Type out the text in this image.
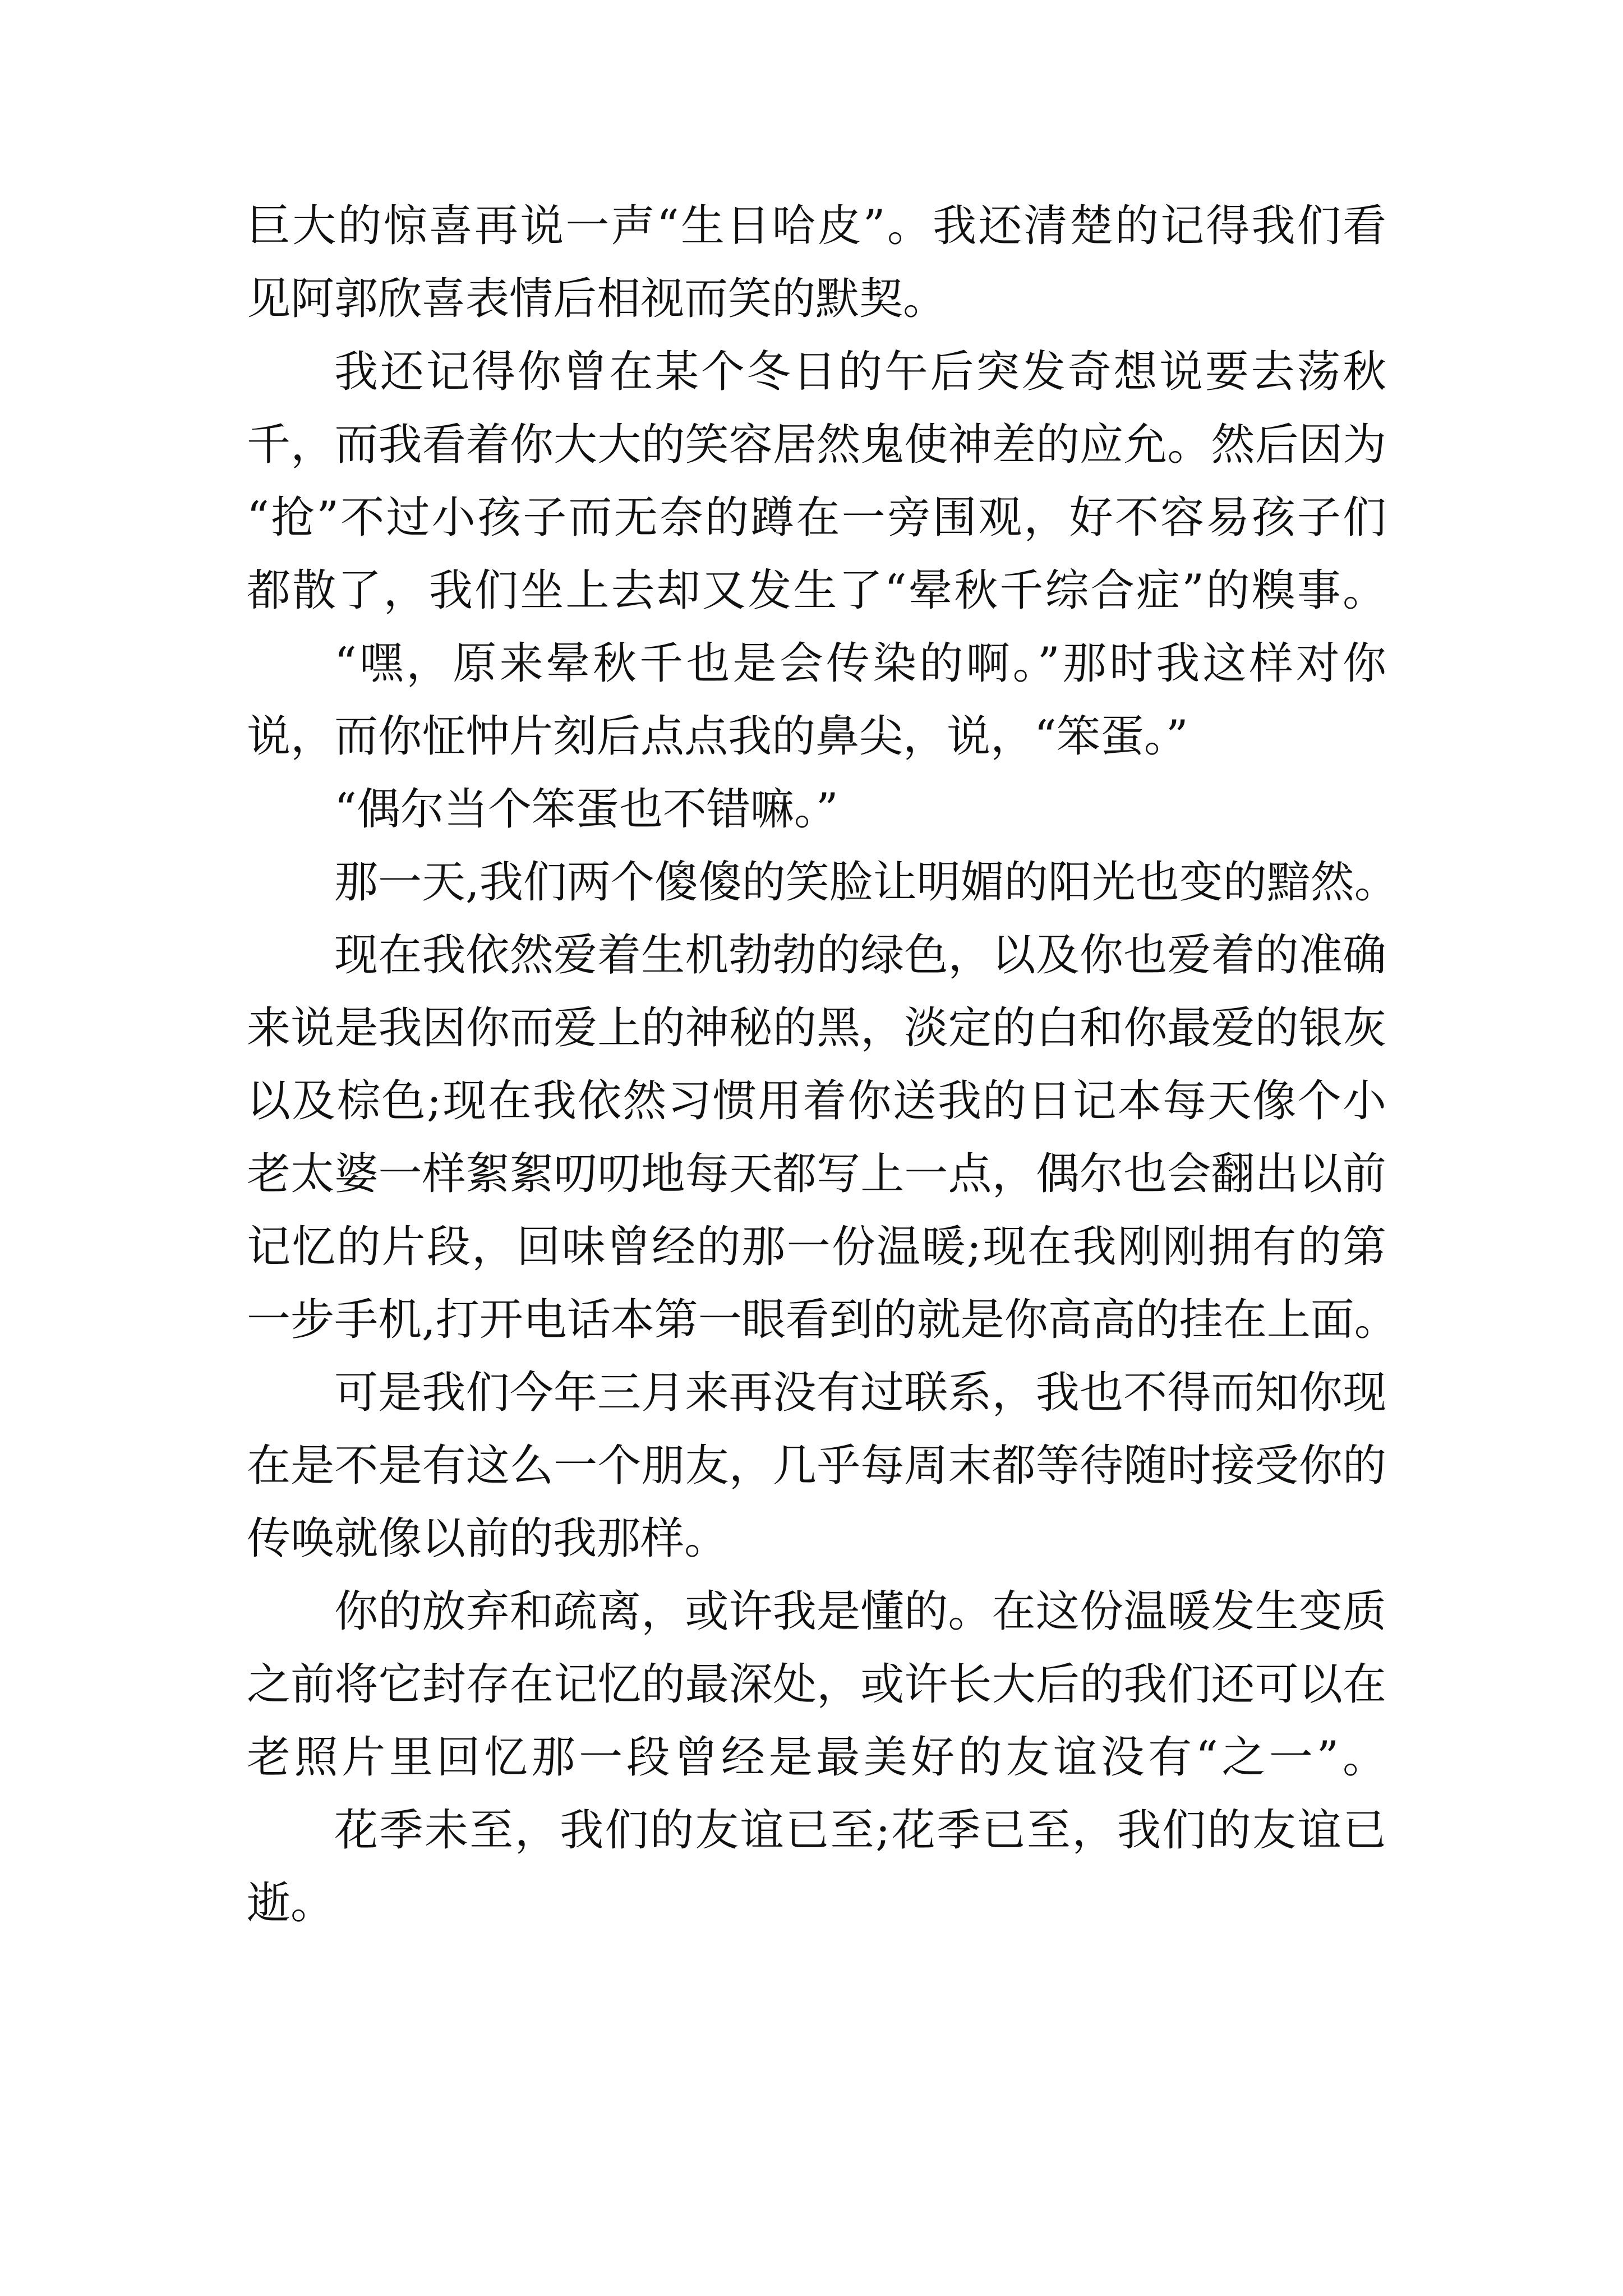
巨大的惊喜再说一声“生日哈皮”。我还清楚的记得我们看
见阿郭欣喜表情后相视而笑的默契。
我还记得你曾在某个冬日的午后突发奇想说要去荡秋
千，而我看着你大大的笑容居然鬼使神差的应允。然后因为
“抢”不过小孩子而无奈的蹲在一旁围观，好不容易孩子们
都散了，我们坐上去却又发生了“晕秋千综合症”的糗事。
“嘿，原来晕秋千也是会传染的啊。”那时我这样对你
说，而你怔忡片刻后点点我的鼻尖，说，“笨蛋。”
“偶尔当个笨蛋也不错嘛。”
那一天,我们两个傻傻的笑脸让明媚的阳光也变的黯然。
现在我依然爱着生机勃勃的绿色，以及你也爱着的准确
来说是我因你而爱上的神秘的黑，淡定的白和你最爱的银灰
以及棕色;现在我依然习惯用着你送我的日记本每天像个小
老太婆一样絮絮叨叨地每天都写上一点，偶尔也会翻出以前
记忆的片段，回味曾经的那一份温暖;现在我刚刚拥有的第
一步手机,打开电话本第一眼看到的就是你高高的挂在上面。
可是我们今年三月来再没有过联系，我也不得而知你现
在是不是有这么一个朋友，几乎每周末都等待随时接受你的
传唤就像以前的我那样。
你的放弃和疏离，或许我是懂的。在这份温暖发生变质
之前将它封存在记忆的最深处，或许长大后的我们还可以在
老照片里回忆那一段曾经是最美好的友谊没有“之一”。
花季未至，我们的友谊已至;花季已至，我们的友谊已
逝。
